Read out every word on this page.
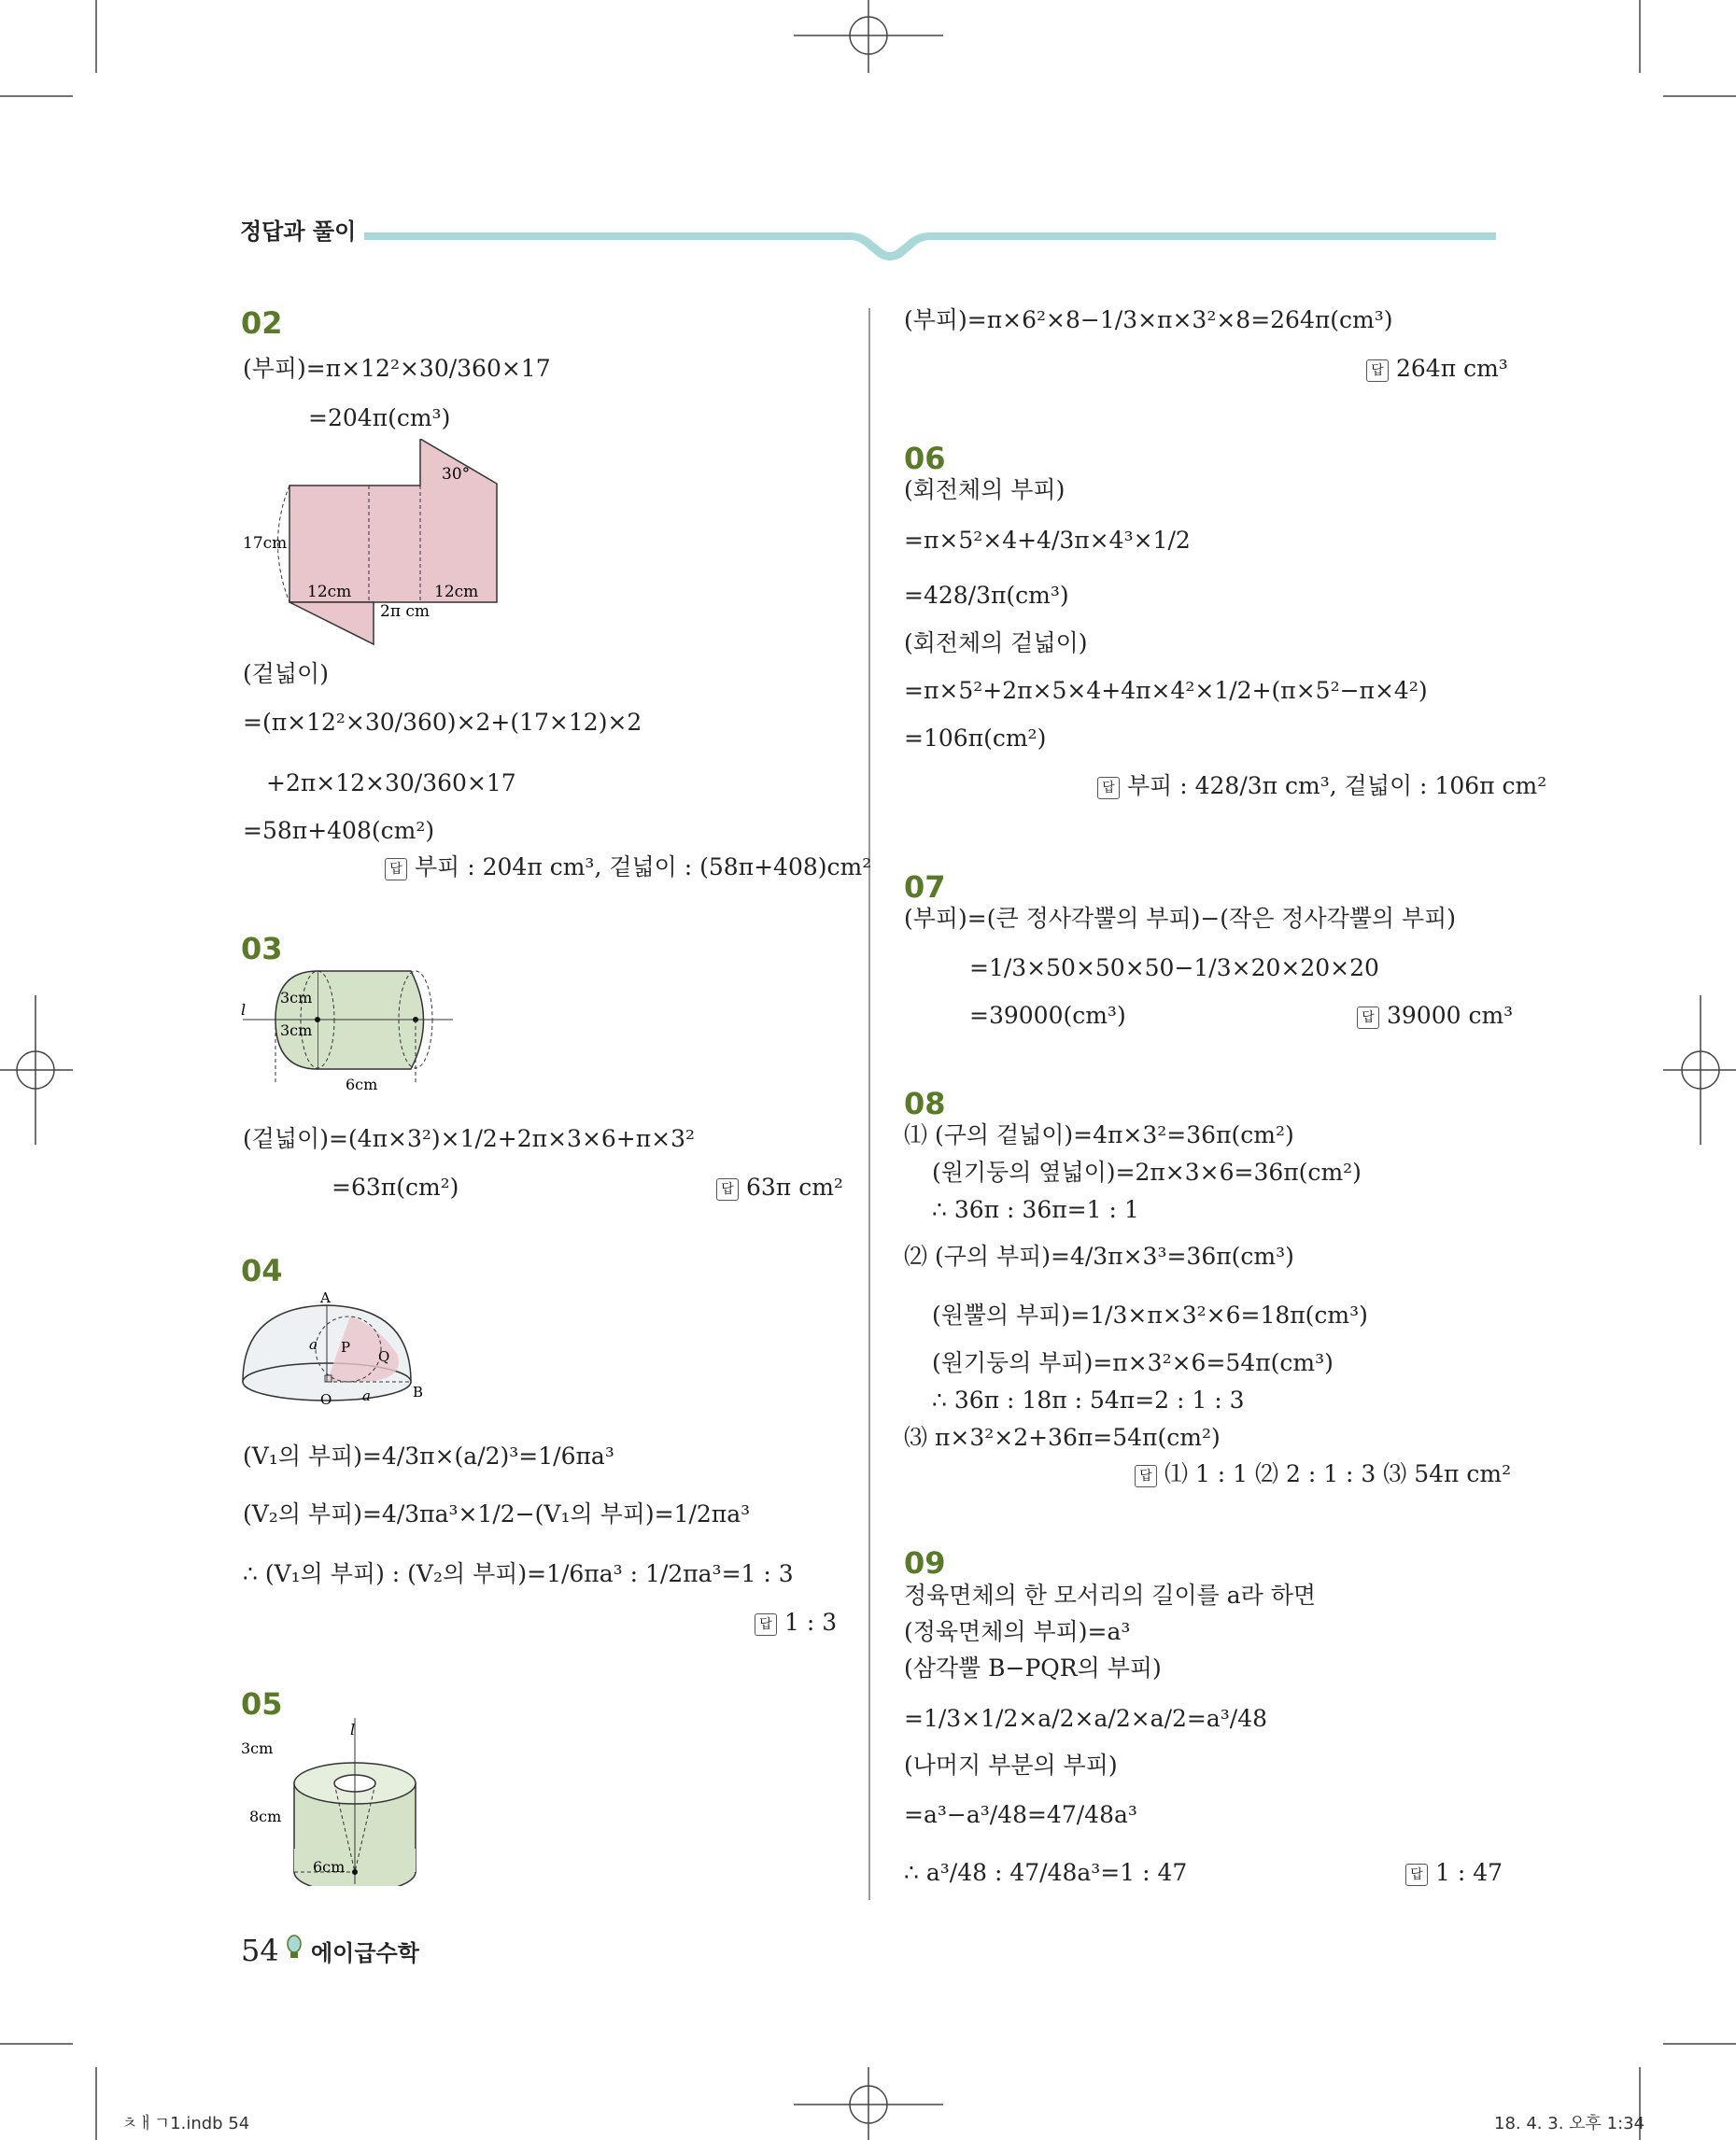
정답과 풀이
02
(부피)=π×12²×30/360×17
=204π(cm³)
30°
17cm
12cm	12cm
2π cm
(겉넓이)
=(π×12²×30/360)×2+(17×12)×2
+2π×12×30/360×17
=58π+408(cm²)
답 부피 : 204π cm³, 겉넓이 : (58π+408)cm²
03
3cm
3cm
6cm
l
(겉넓이)=(4π×3²)×1/2+2π×3×6+π×3²
=63π(cm²)	답 63π cm²
04
A
a P
Q
O a	B
(V₁의 부피)=4/3π×(a/2)³=1/6πa³
(V₂의 부피)=4/3πa³×1/2−(V₁의 부피)=1/2πa³
∴ (V₁의 부피) : (V₂의 부피)=1/6πa³ : 1/2πa³=1 : 3
답 1 : 3
05
3cm
8cm
6cm
l
(부피)=π×6²×8−1/3×π×3²×8=264π(cm³)
답 264π cm³
06
(회전체의 부피)
=π×5²×4+4/3π×4³×1/2
=428/3π(cm³)
(회전체의 겉넓이)
=π×5²+2π×5×4+4π×4²×1/2+(π×5²−π×4²)
=106π(cm²)
답 부피 : 428/3π cm³, 겉넓이 : 106π cm²
07
(부피)=(큰 정사각뿔의 부피)−(작은 정사각뿔의 부피)
=1/3×50×50×50−1/3×20×20×20
=39000(cm³)	답 39000 cm³
08
⑴ (구의 겉넓이)=4π×3²=36π(cm²)
(원기둥의 옆넓이)=2π×3×6=36π(cm²)
∴ 36π : 36π=1 : 1
⑵ (구의 부피)=4/3π×3³=36π(cm³)
(원뿔의 부피)=1/3×π×3²×6=18π(cm³)
(원기둥의 부피)=π×3²×6=54π(cm³)
∴ 36π : 18π : 54π=2 : 1 : 3
⑶ π×3²×2+36π=54π(cm²)
답 ⑴ 1 : 1 ⑵ 2 : 1 : 3 ⑶ 54π cm²
09
정육면체의 한 모서리의 길이를 a라 하면
(정육면체의 부피)=a³
(삼각뿔 B−PQR의 부피)
=1/3×1/2×a/2×a/2×a/2=a³/48
(나머지 부분의 부피)
=a³−a³/48=47/48a³
∴ a³/48 : 47/48a³=1 : 47	답 1 : 47
54 에이급수학
ㅊㅐㄱ1.indb 54	18. 4. 3. 오후 1:34
